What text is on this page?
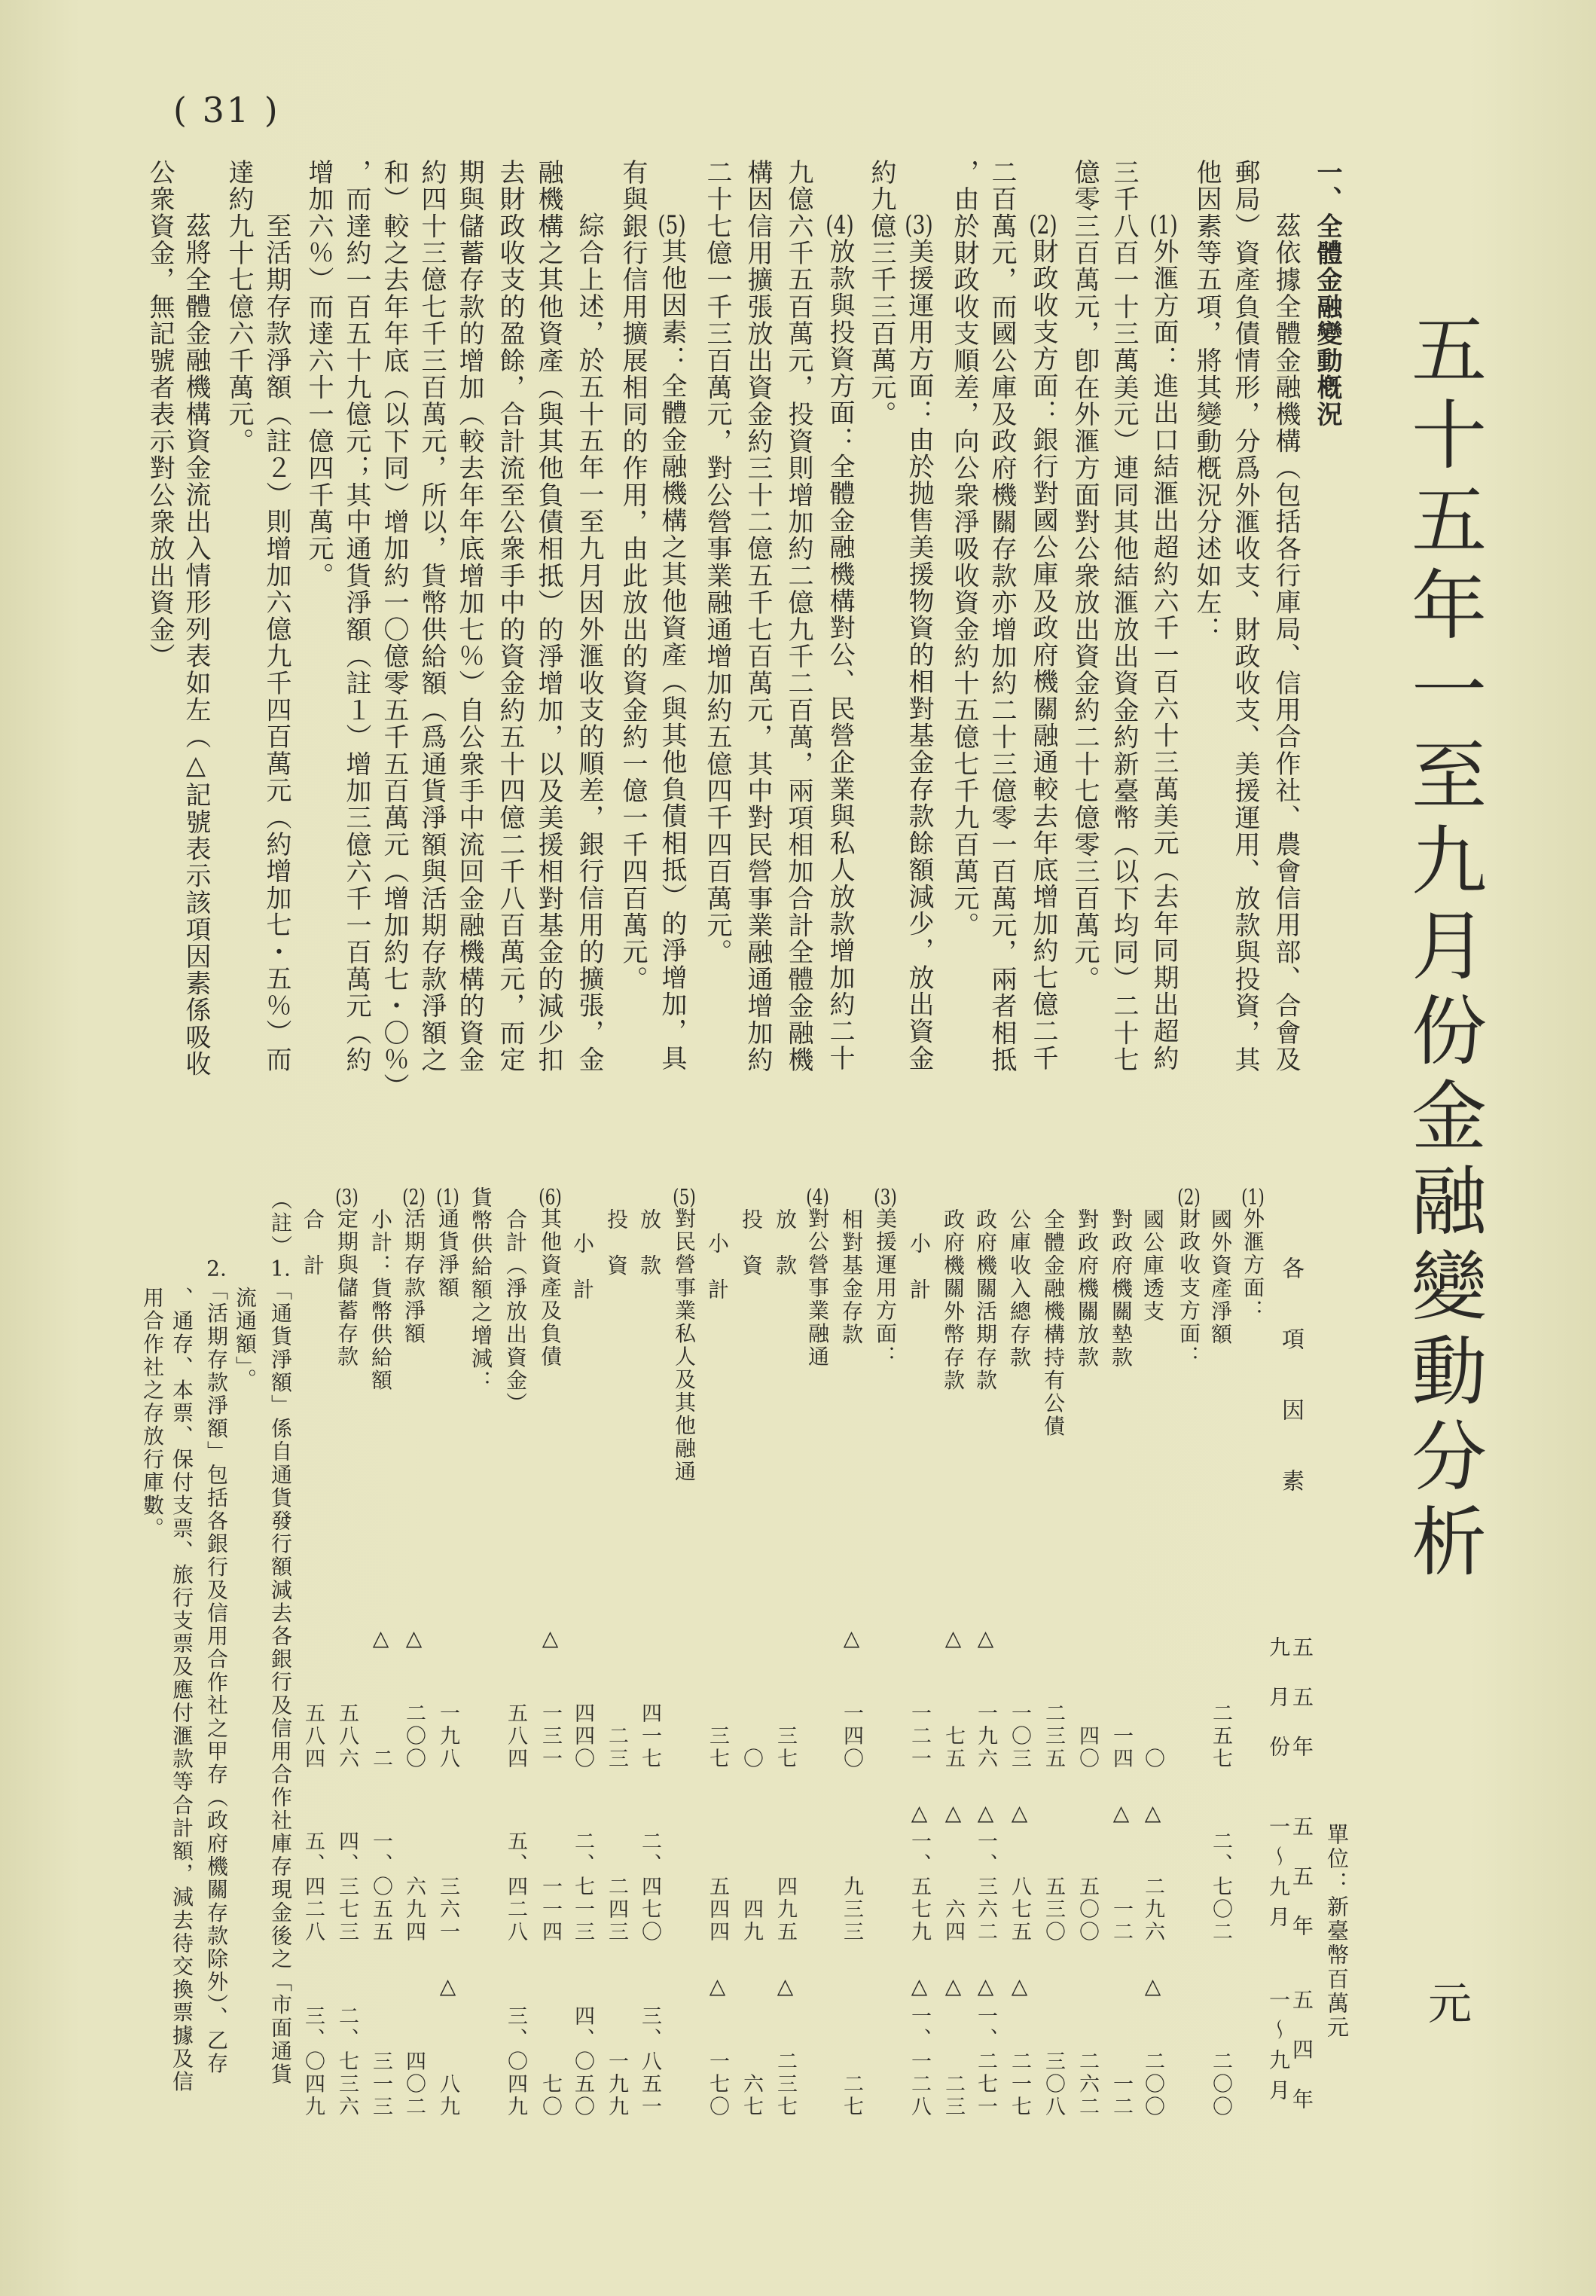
( 31 )
五十五年一至九月份金融變動分析
元
一、全體金融變動槪況
茲依據全體金融機構（包括各行庫局、信用合作社、農會信用部、合會及
郵局）資產負債情形，分爲外滙收支、財政收支、美援運用、放款與投資，其
他因素等五項，將其變動槪況分述如左：
(1)外滙方面：進出口結滙出超約六千一百六十三萬美元（去年同期出超約
三千八百一十三萬美元）連同其他結滙放出資金約新臺幣（以下均同）二十七
億零三百萬元，卽在外滙方面對公衆放出資金約二十七億零三百萬元。
(2)財政收支方面：銀行對國公庫及政府機關融通較去年底增加約七億二千
二百萬元，而國公庫及政府機關存款亦增加約二十三億零一百萬元，兩者相抵
，由於財政收支順差，向公衆淨吸收資金約十五億七千九百萬元。
(3)美援運用方面：由於抛售美援物資的相對基金存款餘額減少，放出資金
約九億三千三百萬元。
(4)放款與投資方面：全體金融機構對公、民營企業與私人放款增加約二十
九億六千五百萬元，投資則增加約二億九千二百萬，兩項相加合計全體金融機
構因信用擴張放出資金約三十二億五千七百萬元，其中對民營事業融通增加約
二十七億一千三百萬元，對公營事業融通增加約五億四千四百萬元。
(5)其他因素：全體金融機構之其他資產（與其他負債相抵）的淨增加，具
有與銀行信用擴展相同的作用，由此放出的資金約一億一千四百萬元。
綜合上述，於五十五年一至九月因外滙收支的順差，銀行信用的擴張，金
融機構之其他資產（與其他負債相抵）的淨增加，以及美援相對基金的減少扣
去財政收支的盈餘，合計流至公衆手中的資金約五十四億二千八百萬元，而定
期與儲蓄存款的增加（較去年年底增加七％）自公衆手中流回金融機構的資金
約四十三億七千三百萬元，所以，貨幣供給額（爲通貨淨額與活期存款淨額之
和）較之去年年底（以下同）增加約一〇億零五千五百萬元（增加約七・〇％）
，而達約一百五十九億元；其中通貨淨額（註１）增加三億六千一百萬元（約
增加六％）而達六十一億四千萬元。
至活期存款淨額（註２）則增加六億九千四百萬元（約增加七・五％）而
達約九十七億六千萬元。
茲將全體金融機構資金流出入情形列表如左（△記號表示該項因素係吸收
公衆資金，無記號者表示對公衆放出資金）
各項因素
單位：新臺幣百萬元
五五年
九月份
五五年
一～九月
五四年
一～九月
(1)外滙方面：
國外資產淨額
二五七
二、七〇二
二〇〇
(2)財政收支方面：
國公庫透支
〇
△
二九六
△
二〇〇
對政府機關墊款
一四
△
一二
一二
對政府機關放款
四〇
五〇〇
二六二
全體金融機構持有公債
二三五
五三〇
三〇八
公庫收入總存款
一〇三
△
八七五
△
二一七
政府機關活期存款
△
一九六
△
一、三六二
△
一、二七一
政府機關外幣存款
△
七五
△
六四
△
二三
小　計
一二一
△
一、五七九
△
一、一二八
(3)美援運用方面：
相對基金存款
△
一四〇
九三三
二七
(4)對公營事業融通
放　款
三七
四九五
△
二三七
投　資
〇
四九
六七
小　計
三七
五四四
△
一七〇
(5)對民營事業私人及其他融通
放　款
四一七
二、四七〇
三、八五一
投　資
二三
二四三
一九九
小　計
四四〇
二、七一三
四、〇五〇
(6)其他資產及負債
△
一三一
一一四
七〇
合計（淨放出資金）
五八四
五、四二八
三、〇四九
貨幣供給額之增減：
(1)通貨淨額
一九八
三六一
△
八九
(2)活期存款淨額
△
二〇〇
六九四
四〇二
小計：貨幣供給額
△
二
一、〇五五
三一三
(3)定期與儲蓄存款
五八六
四、三七三
二、七三六
合　計
五八四
五、四二八
三、〇四九
（註）1.「通貨淨額」係自通貨發行額減去各銀行及信用合作社庫存現金後之「市面通貨
流通額」。
2.「活期存款淨額」包括各銀行及信用合作社之甲存（政府機關存款除外）、乙存
、通存、本票、保付支票、旅行支票及應付滙款等合計額，減去待交換票據及信
用合作社之存放行庫數。
